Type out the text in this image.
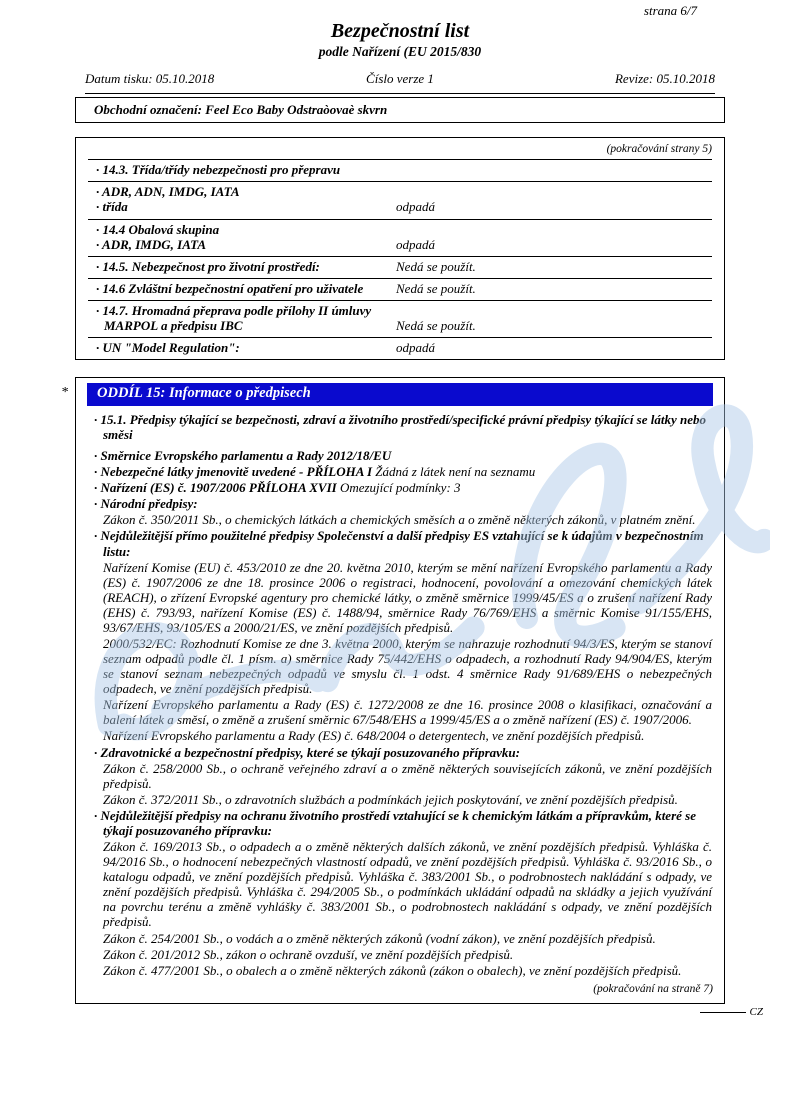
strana 6/7
Bezpečnostní list
podle Nařízení (EU 2015/830
Datum tisku: 05.10.2018	Číslo verze 1	Revize: 05.10.2018
Obchodní označení: Feel Eco Baby Odstraòovaè skvrn
(pokračování strany 5)
· 14.3. Třída/třídy nebezpečnosti pro přepravu
· ADR, ADN, IMDG, IATA
· třída	odpadá
· 14.4 Obalová skupina
· ADR, IMDG, IATA	odpadá
· 14.5. Nebezpečnost pro životní prostředí:	Nedá se použít.
· 14.6 Zvláštní bezpečnostní opatření pro uživatele	Nedá se použít.
· 14.7. Hromadná přeprava podle přílohy II úmluvy
MARPOL a předpisu IBC	Nedá se použít.
· UN "Model Regulation":	odpadá
*	ODDÍL 15: Informace o předpisech
· 15.1. Předpisy týkající se bezpečnosti, zdraví a životního prostředí/specifické právní předpisy týkající se látky nebo směsi
· Směrnice Evropského parlamentu a Rady 2012/18/EU
· Nebezpečné látky jmenovitě uvedené - PŘÍLOHA I Žádná z látek není na seznamu
· Nařízení (ES) č. 1907/2006 PŘÍLOHA XVII Omezující podmínky: 3
· Národní předpisy:
Zákon č. 350/2011 Sb., o chemických látkách a chemických směsích a o změně některých zákonů, v platném znění.
· Nejdůležitější přímo použitelné předpisy Společenství a další předpisy ES vztahující se k údajům v bezpečnostním listu:
Nařízení Komise (EU) č. 453/2010 ze dne 20. května 2010, kterým se mění nařízení Evropského parlamentu a Rady (ES) č. 1907/2006 ze dne 18. prosince 2006 o registraci, hodnocení, povolování a omezování chemických látek (REACH), o zřízení Evropské agentury pro chemické látky, o změně směrnice 1999/45/ES a o zrušení nařízení Rady (EHS) č. 793/93, nařízení Komise (ES) č. 1488/94, směrnice Rady 76/769/EHS a směrnic Komise 91/155/EHS, 93/67/EHS, 93/105/ES a 2000/21/ES, ve znění pozdějších předpisů.
2000/532/EC: Rozhodnutí Komise ze dne 3. května 2000, kterým se nahrazuje rozhodnutí 94/3/ES, kterým se stanoví seznam odpadů podle čl. 1 písm. a) směrnice Rady 75/442/EHS o odpadech, a rozhodnutí Rady 94/904/ES, kterým se stanoví seznam nebezpečných odpadů ve smyslu čl. 1 odst. 4 směrnice Rady 91/689/EHS o nebezpečných odpadech, ve znění pozdějších předpisů.
Nařízení Evropského parlamentu a Rady (ES) č. 1272/2008 ze dne 16. prosince 2008 o klasifikaci, označování a balení látek a směsí, o změně a zrušení směrnic 67/548/EHS a 1999/45/ES a o změně nařízení (ES) č. 1907/2006.
Nařízení Evropského parlamentu a Rady (ES) č. 648/2004 o detergentech, ve znění pozdějších předpisů.
· Zdravotnické a bezpečnostní předpisy, které se týkají posuzovaného přípravku:
Zákon č. 258/2000 Sb., o ochraně veřejného zdraví a o změně některých souvisejících zákonů, ve znění pozdějších předpisů.
Zákon č. 372/2011 Sb., o zdravotních službách a podmínkách jejich poskytování, ve znění pozdějších předpisů.
· Nejdůležitější předpisy na ochranu životního prostředí vztahující se k chemickým látkám a přípravkům, které se týkají posuzovaného přípravku:
Zákon č. 169/2013 Sb., o odpadech a o změně některých dalších zákonů, ve znění pozdějších předpisů. Vyhláška č. 94/2016 Sb., o hodnocení nebezpečných vlastností odpadů, ve znění pozdějších předpisů. Vyhláška č. 93/2016 Sb., o katalogu odpadů, ve znění pozdějších předpisů. Vyhláška č. 383/2001 Sb., o podrobnostech nakládání s odpady, ve znění pozdějších předpisů. Vyhláška č. 294/2005 Sb., o podmínkách ukládání odpadů na skládky a jejich využívání na povrchu terénu a změně vyhlášky č. 383/2001 Sb., o podrobnostech nakládání s odpady, ve znění pozdějších předpisů.
Zákon č. 254/2001 Sb., o vodách a o změně některých zákonů (vodní zákon), ve znění pozdějších předpisů.
Zákon č. 201/2012 Sb., zákon o ochraně ovzduší, ve znění pozdějších předpisů.
Zákon č. 477/2001 Sb., o obalech a o změně některých zákonů (zákon o obalech), ve znění pozdějších předpisů.
(pokračování na straně 7)
CZ
